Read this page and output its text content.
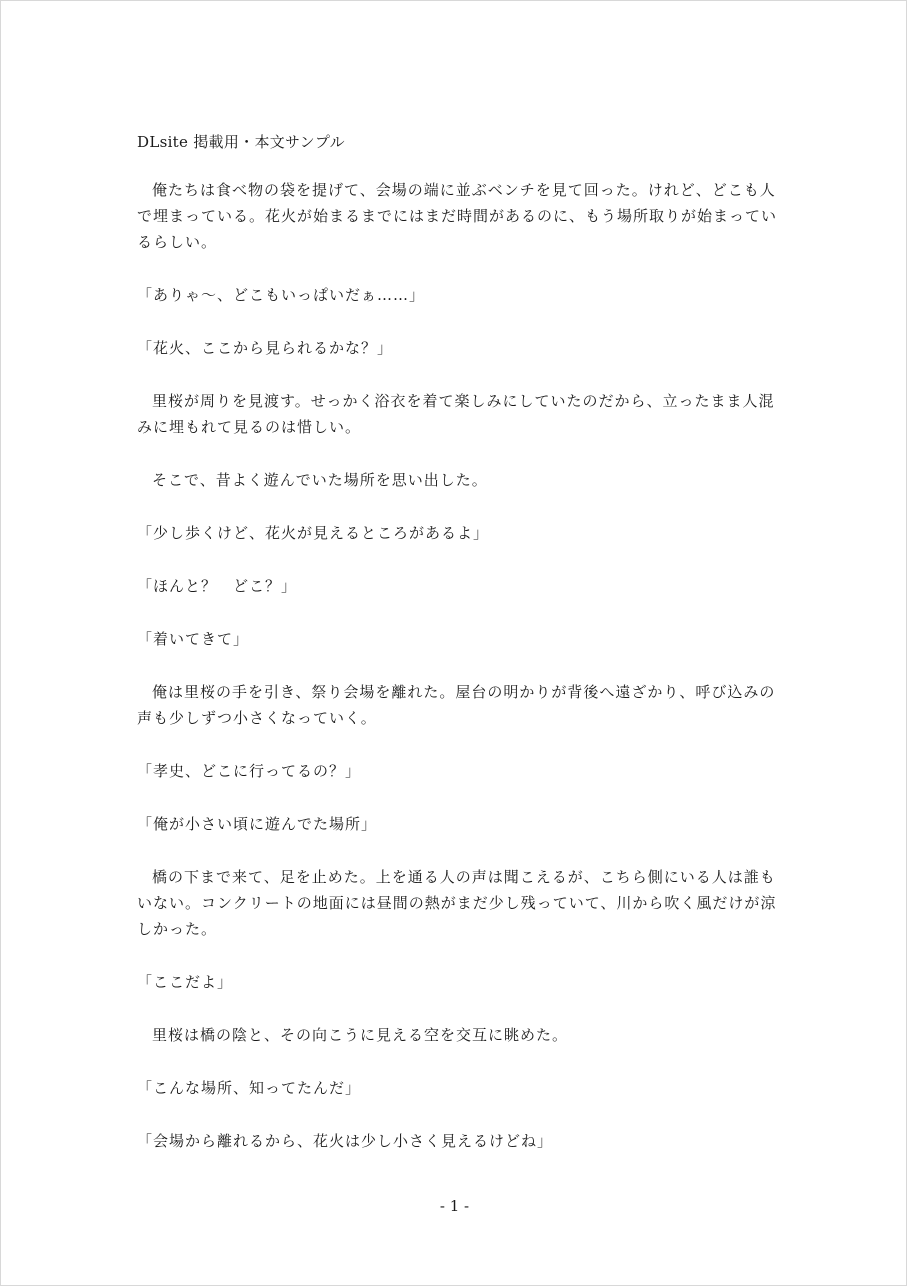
DLsite 掲載用・本文サンプル

俺たちは食べ物の袋を提げて、会場の端に並ぶベンチを見て回った。けれど、どこも人で埋まっている。花火が始まるまでにはまだ時間があるのに、もう場所取りが始まっているらしい。

「ありゃ〜、どこもいっぱいだぁ……」

「花火、ここから見られるかな？」

里桜が周りを見渡す。せっかく浴衣を着て楽しみにしていたのだから、立ったまま人混みに埋もれて見るのは惜しい。

そこで、昔よく遊んでいた場所を思い出した。

「少し歩くけど、花火が見えるところがあるよ」

「ほんと？　どこ？」

「着いてきて」

俺は里桜の手を引き、祭り会場を離れた。屋台の明かりが背後へ遠ざかり、呼び込みの声も少しずつ小さくなっていく。

「孝史、どこに行ってるの？」

「俺が小さい頃に遊んでた場所」

橋の下まで来て、足を止めた。上を通る人の声は聞こえるが、こちら側にいる人は誰もいない。コンクリートの地面には昼間の熱がまだ少し残っていて、川から吹く風だけが涼しかった。

「ここだよ」

里桜は橋の陰と、その向こうに見える空を交互に眺めた。

「こんな場所、知ってたんだ」

「会場から離れるから、花火は少し小さく見えるけどね」

- 1 -
